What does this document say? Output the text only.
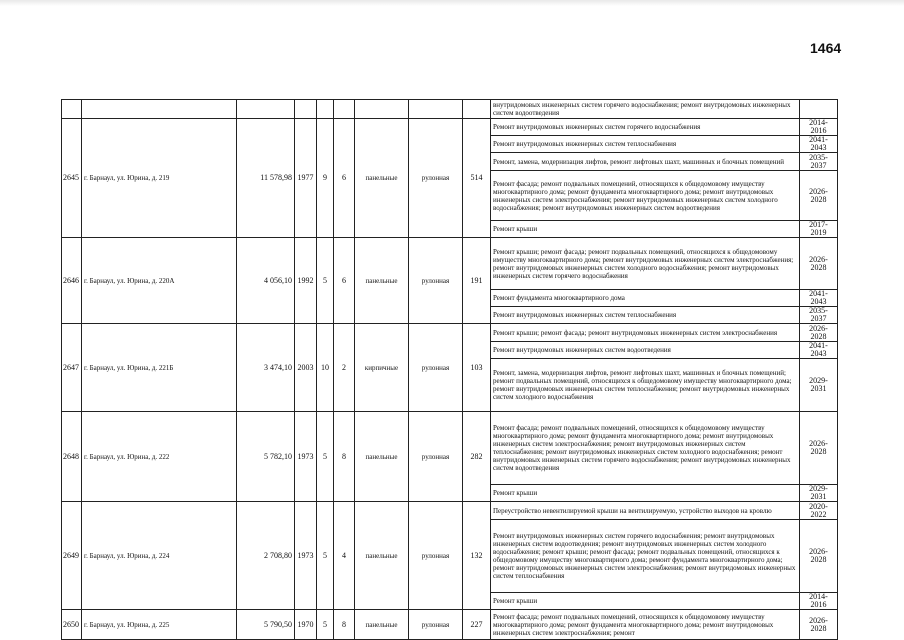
1464
									внутридомовых инженерных систем горячего водоснабжения; ремонт внутридомовых инженерных систем водоотведения	
2645	г. Барнаул, ул. Юрина, д. 219	11 578,98	1977	9	6	панельные	рулонная	514	Ремонт внутридомовых инженерных систем горячего водоснабжения	2014-2016
									Ремонт внутридомовых инженерных систем теплоснабжения	2041-2043
									Ремонт, замена, модернизация лифтов, ремонт лифтовых шахт, машинных и блочных помещений	2035-2037
									Ремонт фасада; ремонт подвальных помещений, относящихся к общедомовому имуществу многоквартирного дома; ремонт фундамента многоквартирного дома; ремонт внутридомовых инженерных систем электроснабжения; ремонт внутридомовых инженерных систем холодного водоснабжения; ремонт внутридомовых инженерных систем водоотведения	2026-2028
									Ремонт крыши	2017-2019
2646	г. Барнаул, ул. Юрина, д. 220А	4 056,10	1992	5	6	панельные	рулонная	191	Ремонт крыши; ремонт фасада; ремонт подвальных помещений, относящихся к общедомовому имуществу многоквартирного дома; ремонт внутридомовых инженерных систем электроснабжения; ремонт внутридомовых инженерных систем холодного водоснабжения; ремонт внутридомовых инженерных систем горячего водоснабжения	2026-2028
									Ремонт фундамента многоквартирного дома	2041-2043
									Ремонт внутридомовых инженерных систем теплоснабжения	2035-2037
2647	г. Барнаул, ул. Юрина, д. 221Б	3 474,10	2003	10	2	кирпичные	рулонная	103	Ремонт крыши; ремонт фасада; ремонт внутридомовых инженерных систем электроснабжения	2026-2028
									Ремонт внутридомовых инженерных систем водоотведения	2041-2043
									Ремонт, замена, модернизация лифтов, ремонт лифтовых шахт, машинных и блочных помещений; ремонт подвальных помещений, относящихся к общедомовому имуществу многоквартирного дома; ремонт внутридомовых инженерных систем теплоснабжения; ремонт внутридомовых инженерных систем холодного водоснабжения	2029-2031
2648	г. Барнаул, ул. Юрина, д. 222	5 782,10	1973	5	8	панельные	рулонная	282	Ремонт фасада; ремонт подвальных помещений, относящихся к общедомовому имуществу многоквартирного дома; ремонт фундамента многоквартирного дома; ремонт внутридомовых инженерных систем электроснабжения; ремонт внутридомовых инженерных систем теплоснабжения; ремонт внутридомовых инженерных систем холодного водоснабжения; ремонт внутридомовых инженерных систем горячего водоснабжения; ремонт внутридомовых инженерных систем водоотведения	2026-2028
									Ремонт крыши	2029-2031
2649	г. Барнаул, ул. Юрина, д. 224	2 708,80	1973	5	4	панельные	рулонная	132	Переустройство невентилируемой крыши на вентилируемую, устройство выходов на кровлю	2020-2022
									Ремонт внутридомовых инженерных систем горячего водоснабжения; ремонт внутридомовых инженерных систем водоотведения; ремонт внутридомовых инженерных систем холодного водоснабжения; ремонт крыши; ремонт фасада; ремонт подвальных помещений, относящихся к общедомовому имуществу многоквартирного дома; ремонт фундамента многоквартирного дома; ремонт внутридомовых инженерных систем электроснабжения; ремонт внутридомовых инженерных систем теплоснабжения	2026-2028
									Ремонт крыши	2014-2016
2650	г. Барнаул, ул. Юрина, д. 225	5 790,50	1970	5	8	панельные	рулонная	227	Ремонт фасада; ремонт подвальных помещений, относящихся к общедомовому имуществу многоквартирного дома; ремонт фундамента многоквартирного дома; ремонт внутридомовых инженерных систем электроснабжения; ремонт	2026-2028
